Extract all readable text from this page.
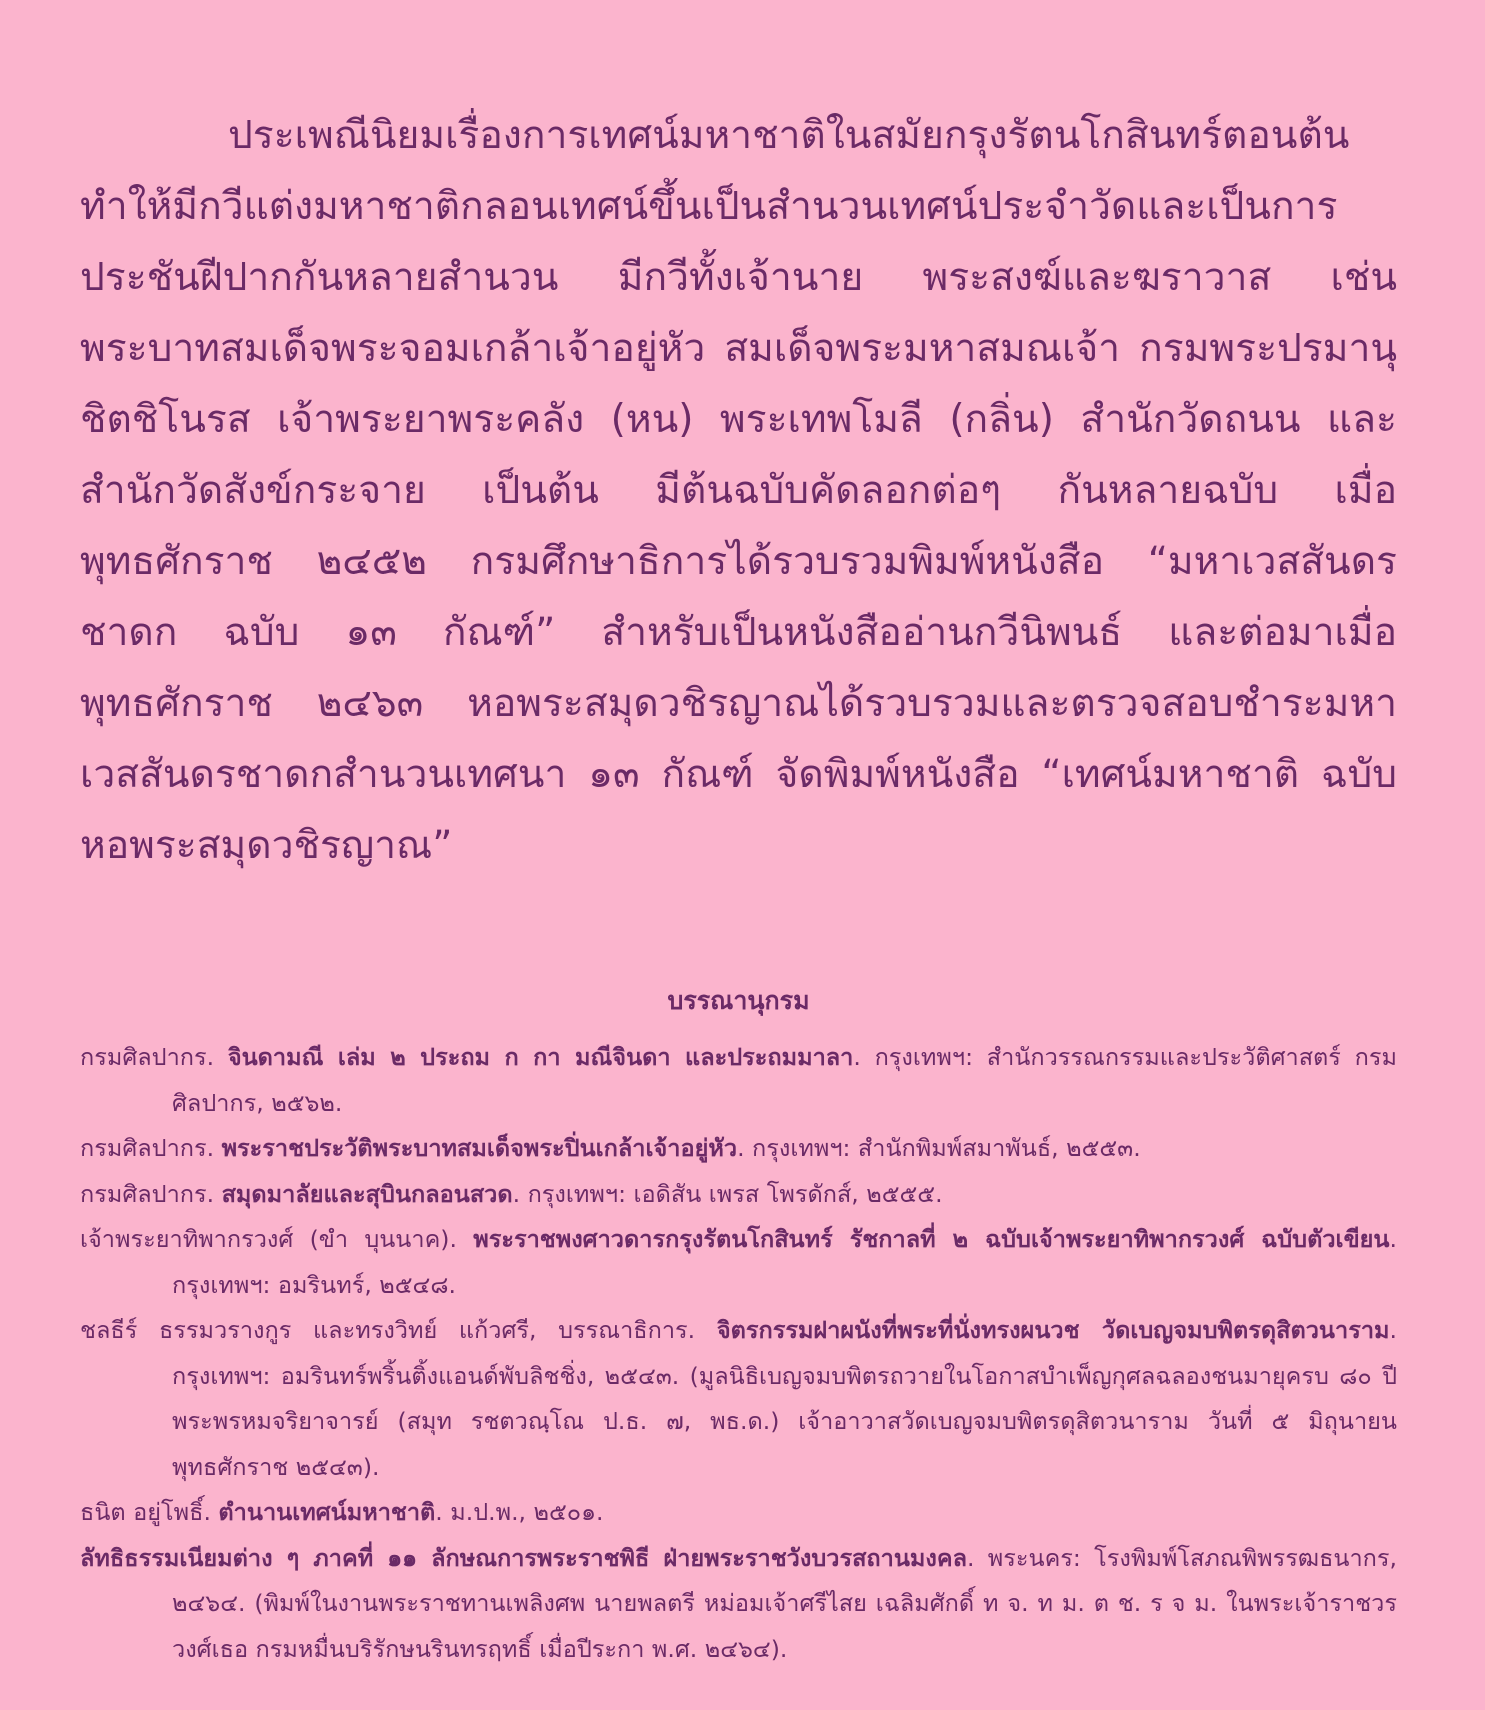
ประเพณีนิยมเรื่องการเทศน์มหาชาติในสมัยกรุงรัตนโกสินทร์ตอนต้น ทำให้มีกวีแต่งมหาชาติกลอนเทศน์ขึ้นเป็นสำนวนเทศน์ประจำวัดและเป็นการประชันฝีปากกันหลายสำนวน มีกวีทั้งเจ้านาย พระสงฆ์และฆราวาส เช่น พระบาทสมเด็จพระจอมเกล้าเจ้าอยู่หัว สมเด็จพระมหาสมณเจ้า กรมพระปรมานุชิตชิโนรส เจ้าพระยาพระคลัง (หน) พระเทพโมลี (กลิ่น) สำนักวัดถนน และสำนักวัดสังข์กระจาย เป็นต้น มีต้นฉบับคัดลอกต่อๆ กันหลายฉบับ เมื่อพุทธศักราช ๒๔๕๒ กรมศึกษาธิการได้รวบรวมพิมพ์หนังสือ “มหาเวสสันดรชาดก ฉบับ ๑๓ กัณฑ์” สำหรับเป็นหนังสืออ่านกวีนิพนธ์ และต่อมาเมื่อพุทธศักราช ๒๔๖๓ หอพระสมุดวชิรญาณได้รวบรวมและตรวจสอบชำระมหาเวสสันดรชาดกสำนวนเทศนา ๑๓ กัณฑ์ จัดพิมพ์หนังสือ “เทศน์มหาชาติ ฉบับหอพระสมุดวชิรญาณ”

บรรณานุกรม
กรมศิลปากร. จินดามณี เล่ม ๒ ประถม ก กา มณีจินดา และประถมมาลา. กรุงเทพฯ: สำนักวรรณกรรมและประวัติศาสตร์ กรมศิลปากร, ๒๕๖๒.
กรมศิลปากร. พระราชประวัติพระบาทสมเด็จพระปิ่นเกล้าเจ้าอยู่หัว. กรุงเทพฯ: สำนักพิมพ์สมาพันธ์, ๒๕๕๓.
กรมศิลปากร. สมุดมาลัยและสุบินกลอนสวด. กรุงเทพฯ: เอดิสัน เพรส โพรดักส์, ๒๕๕๕.
เจ้าพระยาทิพากรวงศ์ (ขำ บุนนาค). พระราชพงศาวดารกรุงรัตนโกสินทร์ รัชกาลที่ ๒ ฉบับเจ้าพระยาทิพากรวงศ์ ฉบับตัวเขียน. กรุงเทพฯ: อมรินทร์, ๒๕๔๘.
ชลธีร์ ธรรมวรางกูร และทรงวิทย์ แก้วศรี, บรรณาธิการ. จิตรกรรมฝาผนังที่พระที่นั่งทรงผนวช วัดเบญจมบพิตรดุสิตวนาราม. กรุงเทพฯ: อมรินทร์พริ้นติ้งแอนด์พับลิชชิ่ง, ๒๕๔๓. (มูลนิธิเบญจมบพิตรถวายในโอกาสบำเพ็ญกุศลฉลองชนมายุครบ ๘๐ ปี พระพรหมจริยาจารย์ (สมุท รชตวณฺโณ ป.ธ. ๗, พธ.ด.) เจ้าอาวาสวัดเบญจมบพิตรดุสิตวนาราม วันที่ ๕ มิถุนายน พุทธศักราช ๒๕๔๓).
ธนิต อยู่โพธิ์. ตำนานเทศน์มหาชาติ. ม.ป.พ., ๒๕๐๑.
ลัทธิธรรมเนียมต่าง ๆ ภาคที่ ๑๑ ลักษณการพระราชพิธี ฝ่ายพระราชวังบวรสถานมงคล. พระนคร: โรงพิมพ์โสภณพิพรรฒธนากร, ๒๔๖๔. (พิมพ์ในงานพระราชทานเพลิงศพ นายพลตรี หม่อมเจ้าศรีไสย เฉลิมศักดิ์ ท จ. ท ม. ต ช. ร จ ม. ในพระเจ้าราชวรวงศ์เธอ กรมหมื่นบริรักษนรินทรฤทธิ์ เมื่อปีระกา พ.ศ. ๒๔๖๔).
